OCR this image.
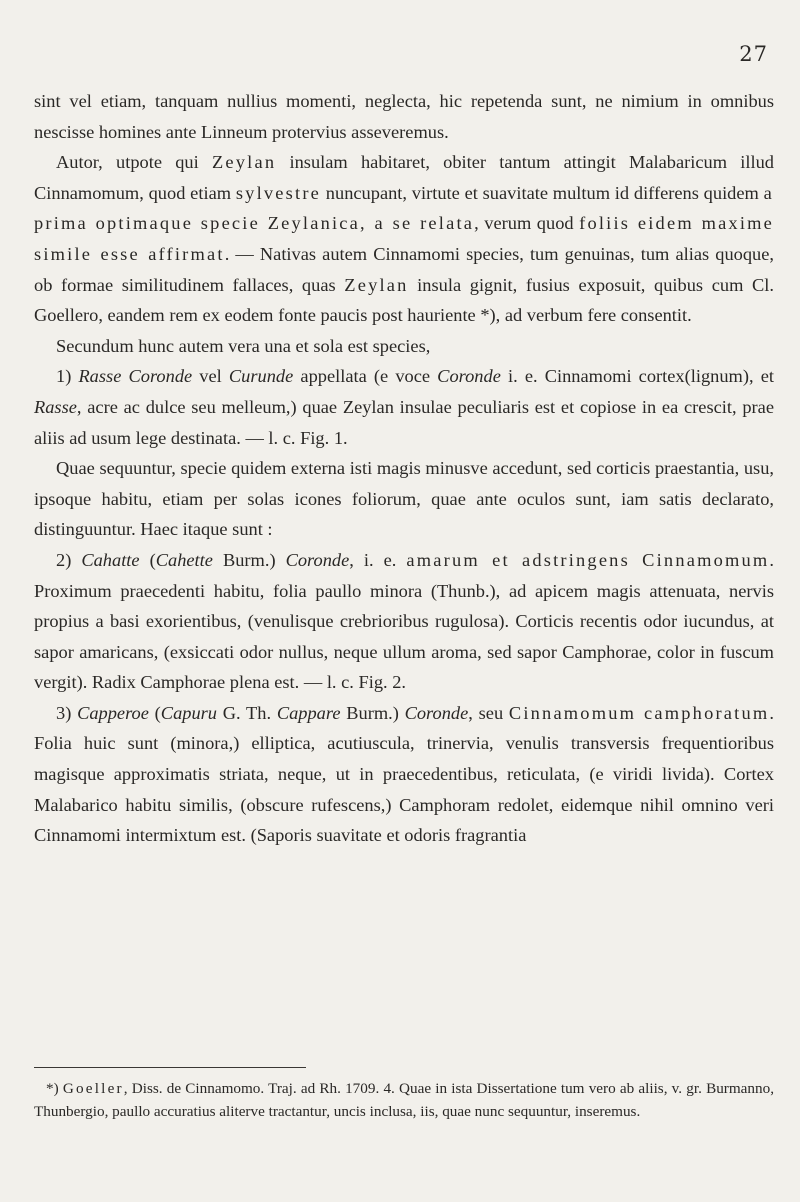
27

sint vel etiam, tanquam nullius momenti, neglecta, hic repetenda sunt, ne nimium in omnibus nescisse homines ante Linneum protervius asseveremus.

Autor, utpote qui Zeylan insulam habitaret, obiter tantum attingit Malabaricum illud Cinnamomum, quod etiam sylvestre nuncupant, virtute et suavitate multum id differens quidem a prima optimaque specie Zeylanica, a se relata, verum quod foliis eidem maxime simile esse affirmat. — Nativas autem Cinnamomi species, tum genuinas, tum alias quoque, ob formae similitudinem fallaces, quas Zeylan insula gignit, fusius exposuit, quibus cum Cl. Goellero, eandem rem ex eodem fonte paucis post hauriente *), ad verbum fere consentit.

Secundum hunc autem vera una et sola est species,

1) Rasse Coronde vel Curunde appellata (e voce Coronde i. e. Cinnamomi cortex(lignum), et Rasse, acre ac dulce seu melleum,) quae Zeylan insulae peculiaris est et copiose in ea crescit, prae aliis ad usum lege destinata. — l. c. Fig. 1.

Quae sequuntur, specie quidem externa isti magis minusve accedunt, sed corticis praestantia, usu, ipsoque habitu, etiam per solas icones foliorum, quae ante oculos sunt, iam satis declarato, distinguuntur. Haec itaque sunt :

2) Cahatte (Cahette Burm.) Coronde, i. e. amarum et adstringens Cinnamomum. Proximum praecedenti habitu, folia paullo minora (Thunb.), ad apicem magis attenuata, nervis propius a basi exorientibus, (venulisque crebrioribus rugulosa). Corticis recentis odor iucundus, at sapor amaricans, (exsiccati odor nullus, neque ullum aroma, sed sapor Camphorae, color in fuscum vergit). Radix Camphorae plena est. — l. c. Fig. 2.

3) Capperoe (Capuru G. Th. Cappare Burm.) Coronde, seu Cinnamomum camphoratum. Folia huic sunt (minora,) elliptica, acutiuscula, trinervia, venulis transversis frequentioribus magisque approximatis striata, neque, ut in praecedentibus, reticulata, (e viridi livida). Cortex Malabarico habitu similis, (obscure rufescens,) Camphoram redolet, eidemque nihil omnino veri Cinnamomi intermixtum est. (Saporis suavitate et odoris fragrantia

*) Goeller, Diss. de Cinnamomo. Traj. ad Rh. 1709. 4. Quae in ista Dissertatione tum vero ab aliis, v. gr. Burmanno, Thunbergio, paullo accuratius aliterve tractantur, uncis inclusa, iis, quae nunc sequuntur, inseremus.
